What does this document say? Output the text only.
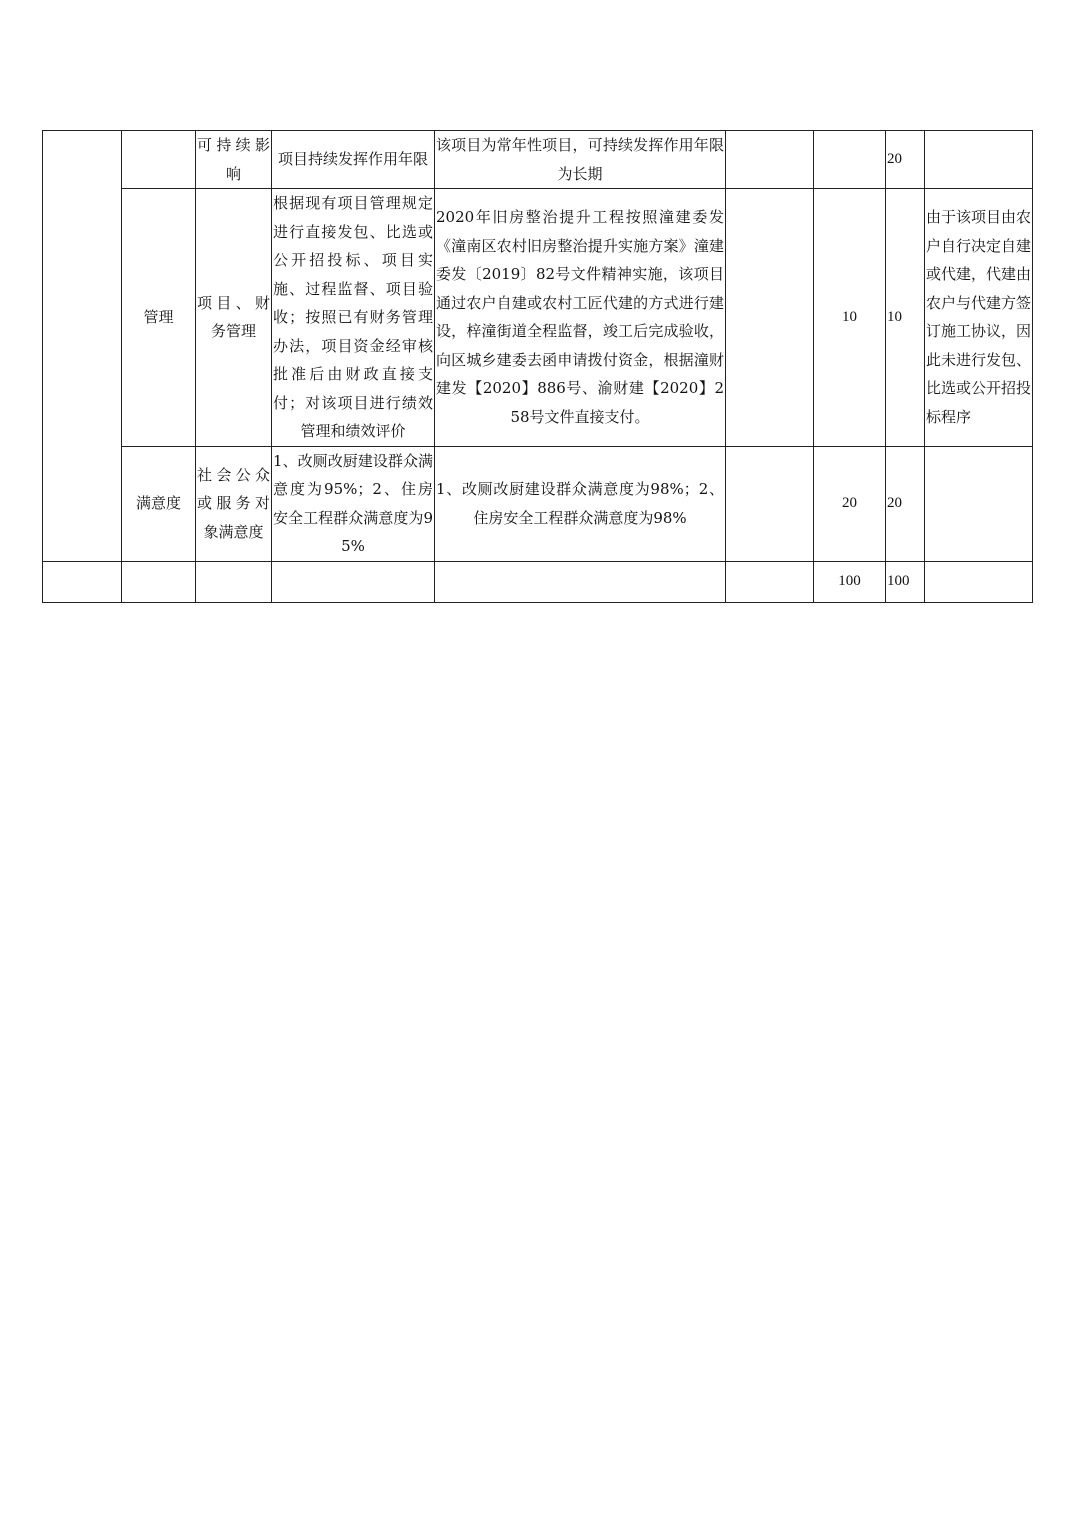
		可持续影响	项目持续发挥作用年限	该项目为常年性项目，可持续发挥作用年限为长期			20	
	管理	项目、财务管理	根据现有项目管理规定进行直接发包、比选或公开招投标、项目实施、过程监督、项目验收；按照已有财务管理办法，项目资金经审核批准后由财政直接支付；对该项目进行绩效管理和绩效评价	2020年旧房整治提升工程按照潼建委发《潼南区农村旧房整治提升实施方案》潼建委发〔2019〕82号文件精神实施，该项目通过农户自建或农村工匠代建的方式进行建设，梓潼街道全程监督，竣工后完成验收，向区城乡建委去函申请拨付资金，根据潼财建发【2020】886号、渝财建【2020】258号文件直接支付。		10	10	由于该项目由农户自行决定自建或代建，代建由农户与代建方签订施工协议，因此未进行发包、比选或公开招投标程序
	满意度	社会公众或服务对象满意度	1、改厕改厨建设群众满意度为95%；2、住房安全工程群众满意度为95%	1、改厕改厨建设群众满意度为98%；2、住房安全工程群众满意度为98%		20	20	
						100	100	
